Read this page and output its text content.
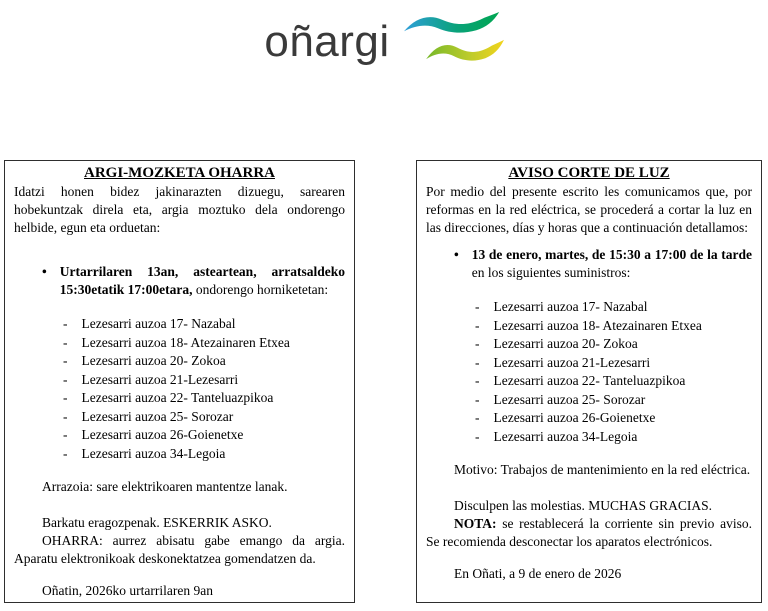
oñargi
ARGI-MOZKETA OHARRA

Idatzi honen bidez jakinarazten dizuegu, sarearen hobekuntzak direla eta, argia moztuko dela ondorengo helbide, egun eta orduetan:

• Urtarrilaren 13an, asteartean, arratsaldeko 15:30etatik 17:00etara, ondorengo horniketetan:

- Lezesarri auzoa 17- Nazabal
- Lezesarri auzoa 18- Atezainaren Etxea
- Lezesarri auzoa 20- Zokoa
- Lezesarri auzoa 21-Lezesarri
- Lezesarri auzoa 22- Tanteluazpikoa
- Lezesarri auzoa 25- Sorozar
- Lezesarri auzoa 26-Goienetxe
- Lezesarri auzoa 34-Legoia

Arrazoia: sare elektrikoaren mantentze lanak.

Barkatu eragozpenak. ESKERRIK ASKO.

OHARRA: aurrez abisatu gabe emango da argia. Aparatu elektronikoak deskonektatzea gomendatzen da.

Oñatin, 2026ko urtarrilaren 9an

AVISO CORTE DE LUZ

Por medio del presente escrito les comunicamos que, por reformas en la red eléctrica, se procederá a cortar la luz en las direcciones, días y horas que a continuación detallamos:

• 13 de enero, martes, de 15:30 a 17:00 de la tarde en los siguientes suministros:

- Lezesarri auzoa 17- Nazabal
- Lezesarri auzoa 18- Atezainaren Etxea
- Lezesarri auzoa 20- Zokoa
- Lezesarri auzoa 21-Lezesarri
- Lezesarri auzoa 22- Tanteluazpikoa
- Lezesarri auzoa 25- Sorozar
- Lezesarri auzoa 26-Goienetxe
- Lezesarri auzoa 34-Legoia

Motivo: Trabajos de mantenimiento en la red eléctrica.

Disculpen las molestias. MUCHAS GRACIAS.

NOTA: se restablecerá la corriente sin previo aviso. Se recomienda desconectar los aparatos electrónicos.

En Oñati, a 9 de enero de 2026
